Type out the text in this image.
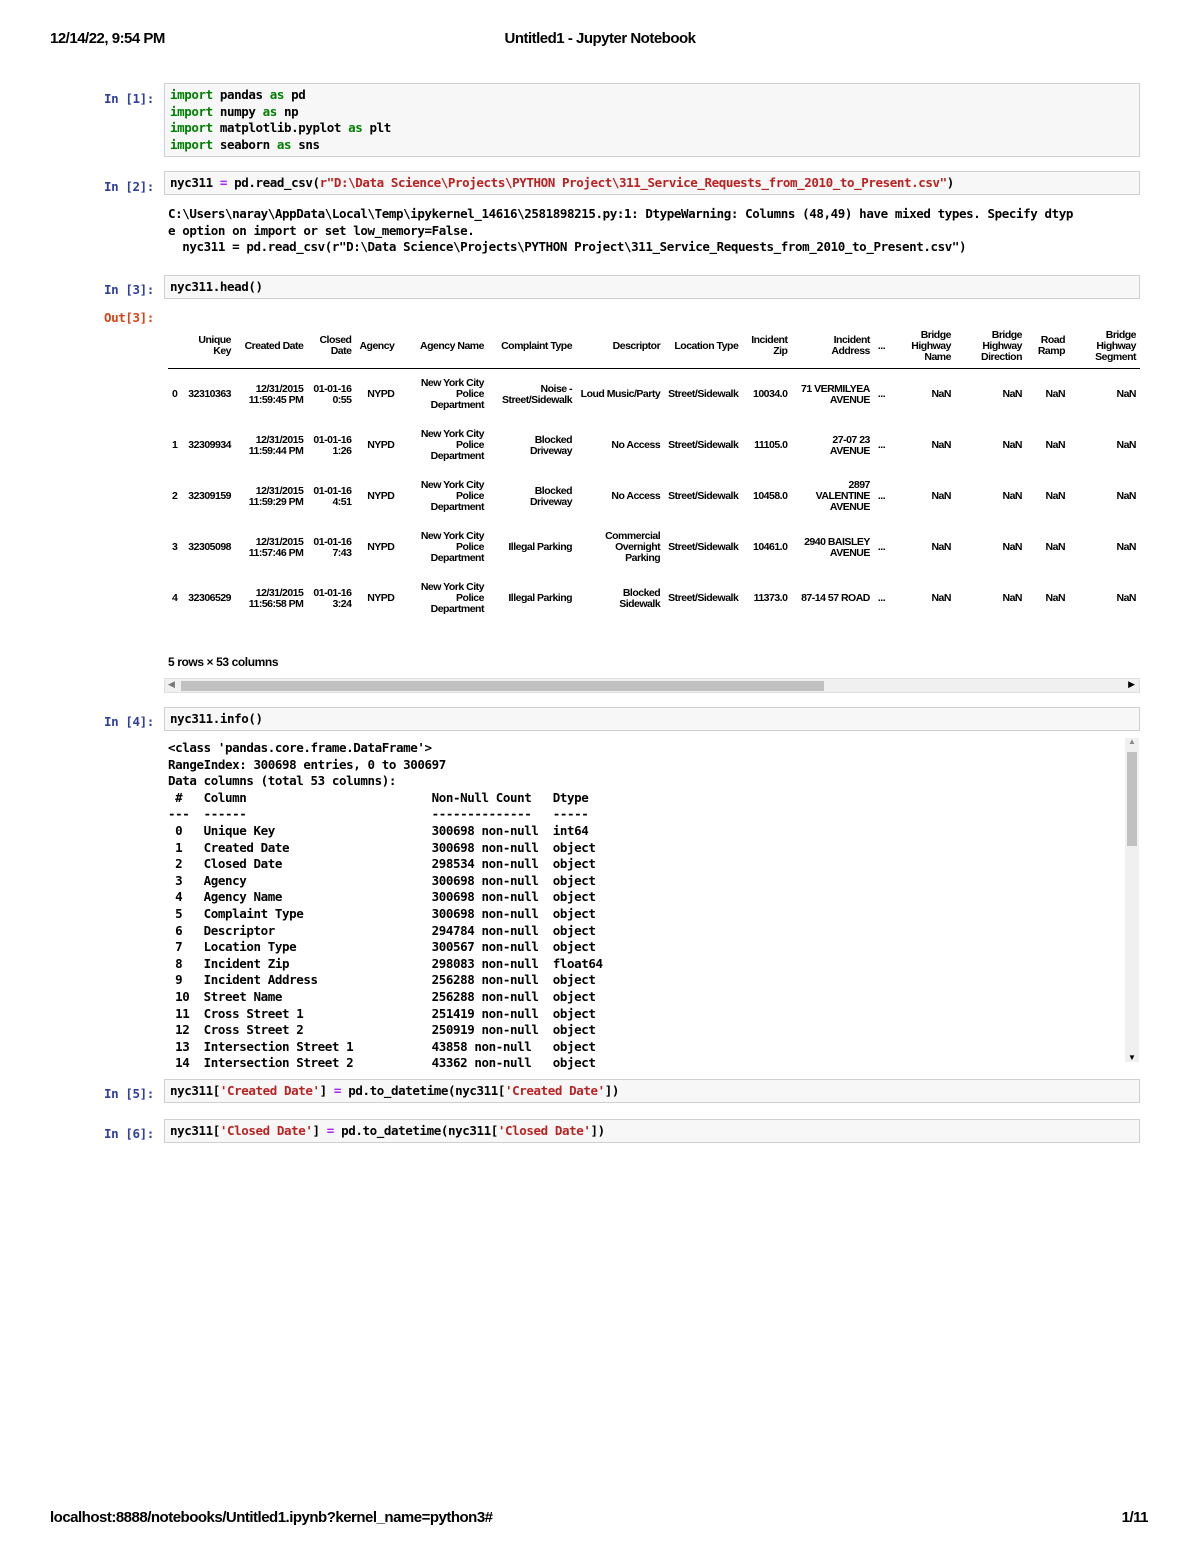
12/14/22, 9:54 PM	Untitled1 - Jupyter Notebook
In [1]:	import pandas as pd
import numpy as np
import matplotlib.pyplot as plt
import seaborn as sns
In [2]:	nyc311 = pd.read_csv(r"D:\Data Science\Projects\PYTHON Project\311_Service_Requests_from_2010_to_Present.csv")
C:\Users\naray\AppData\Local\Temp\ipykernel_14616\2581898215.py:1: DtypeWarning: Columns (48,49) have mixed types. Specify dtyp
e option on import or set low_memory=False.
nyc311 = pd.read_csv(r"D:\Data Science\Projects\PYTHON Project\311_Service_Requests_from_2010_to_Present.csv")
In [3]:	nyc311.head()
Out[3]:
	Unique Key	Created Date	Closed Date	Agency	Agency Name	Complaint Type	Descriptor	Location Type	Incident Zip	Incident Address	...	Bridge Highway Name	Bridge Highway Direction	Road Ramp	Bridge Highway Segment
0	32310363	12/31/2015 11:59:45 PM	01-01-16 0:55	NYPD	New York City Police Department	Noise - Street/Sidewalk	Loud Music/Party	Street/Sidewalk	10034.0	71 VERMILYEA AVENUE	...	NaN	NaN	NaN	NaN
1	32309934	12/31/2015 11:59:44 PM	01-01-16 1:26	NYPD	New York City Police Department	Blocked Driveway	No Access	Street/Sidewalk	11105.0	27-07 23 AVENUE	...	NaN	NaN	NaN	NaN
2	32309159	12/31/2015 11:59:29 PM	01-01-16 4:51	NYPD	New York City Police Department	Blocked Driveway	No Access	Street/Sidewalk	10458.0	2897 VALENTINE AVENUE	...	NaN	NaN	NaN	NaN
3	32305098	12/31/2015 11:57:46 PM	01-01-16 7:43	NYPD	New York City Police Department	Illegal Parking	Commercial Overnight Parking	Street/Sidewalk	10461.0	2940 BAISLEY AVENUE	...	NaN	NaN	NaN	NaN
4	32306529	12/31/2015 11:56:58 PM	01-01-16 3:24	NYPD	New York City Police Department	Illegal Parking	Blocked Sidewalk	Street/Sidewalk	11373.0	87-14 57 ROAD	...	NaN	NaN	NaN	NaN
5 rows × 53 columns
◀	▶
In [4]:	nyc311.info()
<class 'pandas.core.frame.DataFrame'>
RangeIndex: 300698 entries, 0 to 300697
Data columns (total 53 columns):
#   Column                          Non-Null Count   Dtype
---  ------                          --------------   -----
0   Unique Key                      300698 non-null  int64
1   Created Date                    300698 non-null  object
2   Closed Date                     298534 non-null  object
3   Agency                          300698 non-null  object
4   Agency Name                     300698 non-null  object
5   Complaint Type                  300698 non-null  object
6   Descriptor                      294784 non-null  object
7   Location Type                   300567 non-null  object
8   Incident Zip                    298083 non-null  float64
9   Incident Address                256288 non-null  object
10  Street Name                     256288 non-null  object
11  Cross Street 1                  251419 non-null  object
12  Cross Street 2                  250919 non-null  object
13  Intersection Street 1           43858 non-null   object
14  Intersection Street 2           43362 non-null   object
▲
▼
In [5]:	nyc311['Created Date'] = pd.to_datetime(nyc311['Created Date'])
In [6]:	nyc311['Closed Date'] = pd.to_datetime(nyc311['Closed Date'])
localhost:8888/notebooks/Untitled1.ipynb?kernel_name=python3#	1/11
